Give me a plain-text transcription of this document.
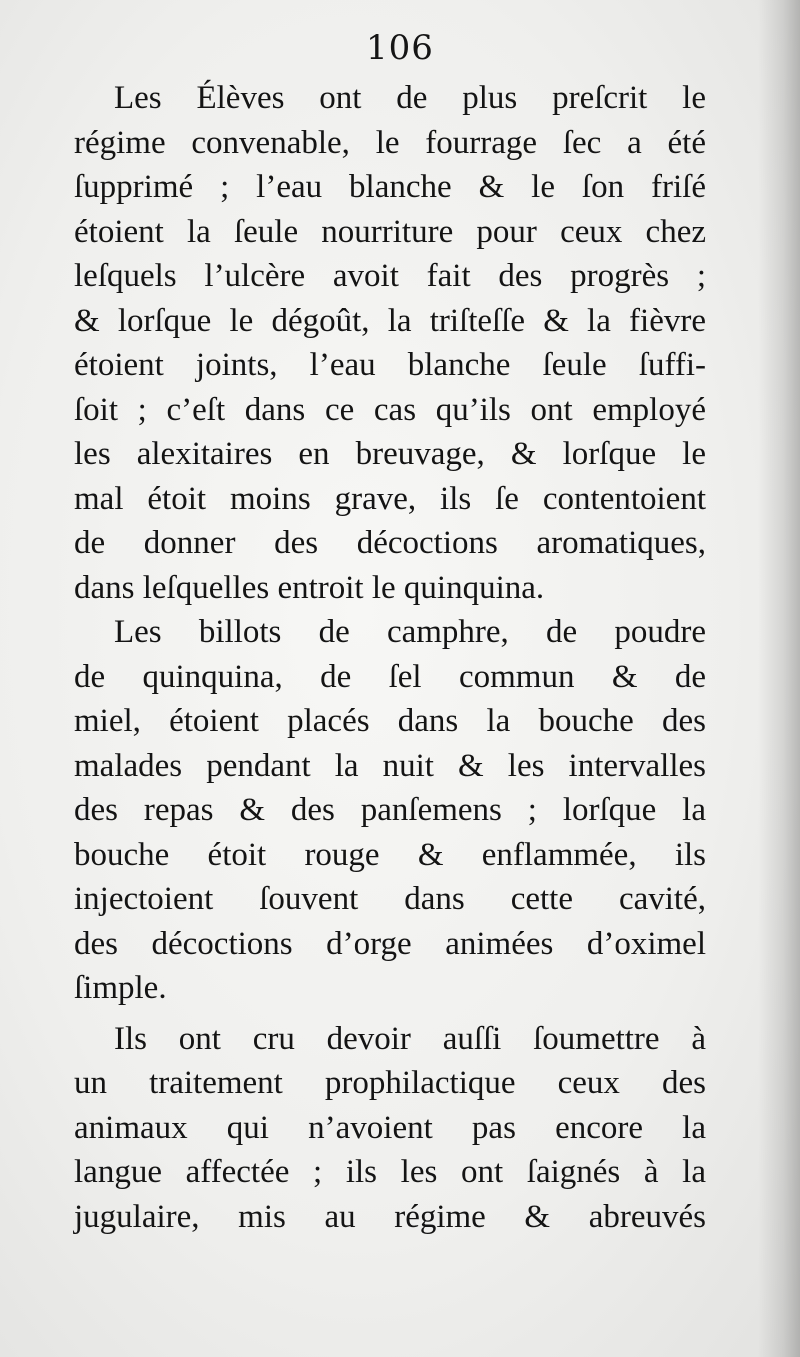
106
Les Élèves ont de plus preſcrit le
régime convenable, le fourrage ſec a été
ſupprimé ; l’eau blanche & le ſon friſé
étoient la ſeule nourriture pour ceux chez
leſquels l’ulcère avoit fait des progrès ;
& lorſque le dégoût, la triſteſſe & la fièvre
étoient joints, l’eau blanche ſeule ſuffi-
ſoit ; c’eſt dans ce cas qu’ils ont employé
les alexitaires en breuvage, & lorſque le
mal étoit moins grave, ils ſe contentoient
de donner des décoctions aromatiques,
dans leſquelles entroit le quinquina.
Les billots de camphre, de poudre
de quinquina, de ſel commun & de
miel, étoient placés dans la bouche des
malades pendant la nuit & les intervalles
des repas & des panſemens ; lorſque la
bouche étoit rouge & enflammée, ils
injectoient ſouvent dans cette cavité,
des décoctions d’orge animées d’oximel
ſimple.
Ils ont cru devoir auſſi ſoumettre à
un traitement prophilactique ceux des
animaux qui n’avoient pas encore la
langue affectée ; ils les ont ſaignés à la
jugulaire, mis au régime & abreuvés
